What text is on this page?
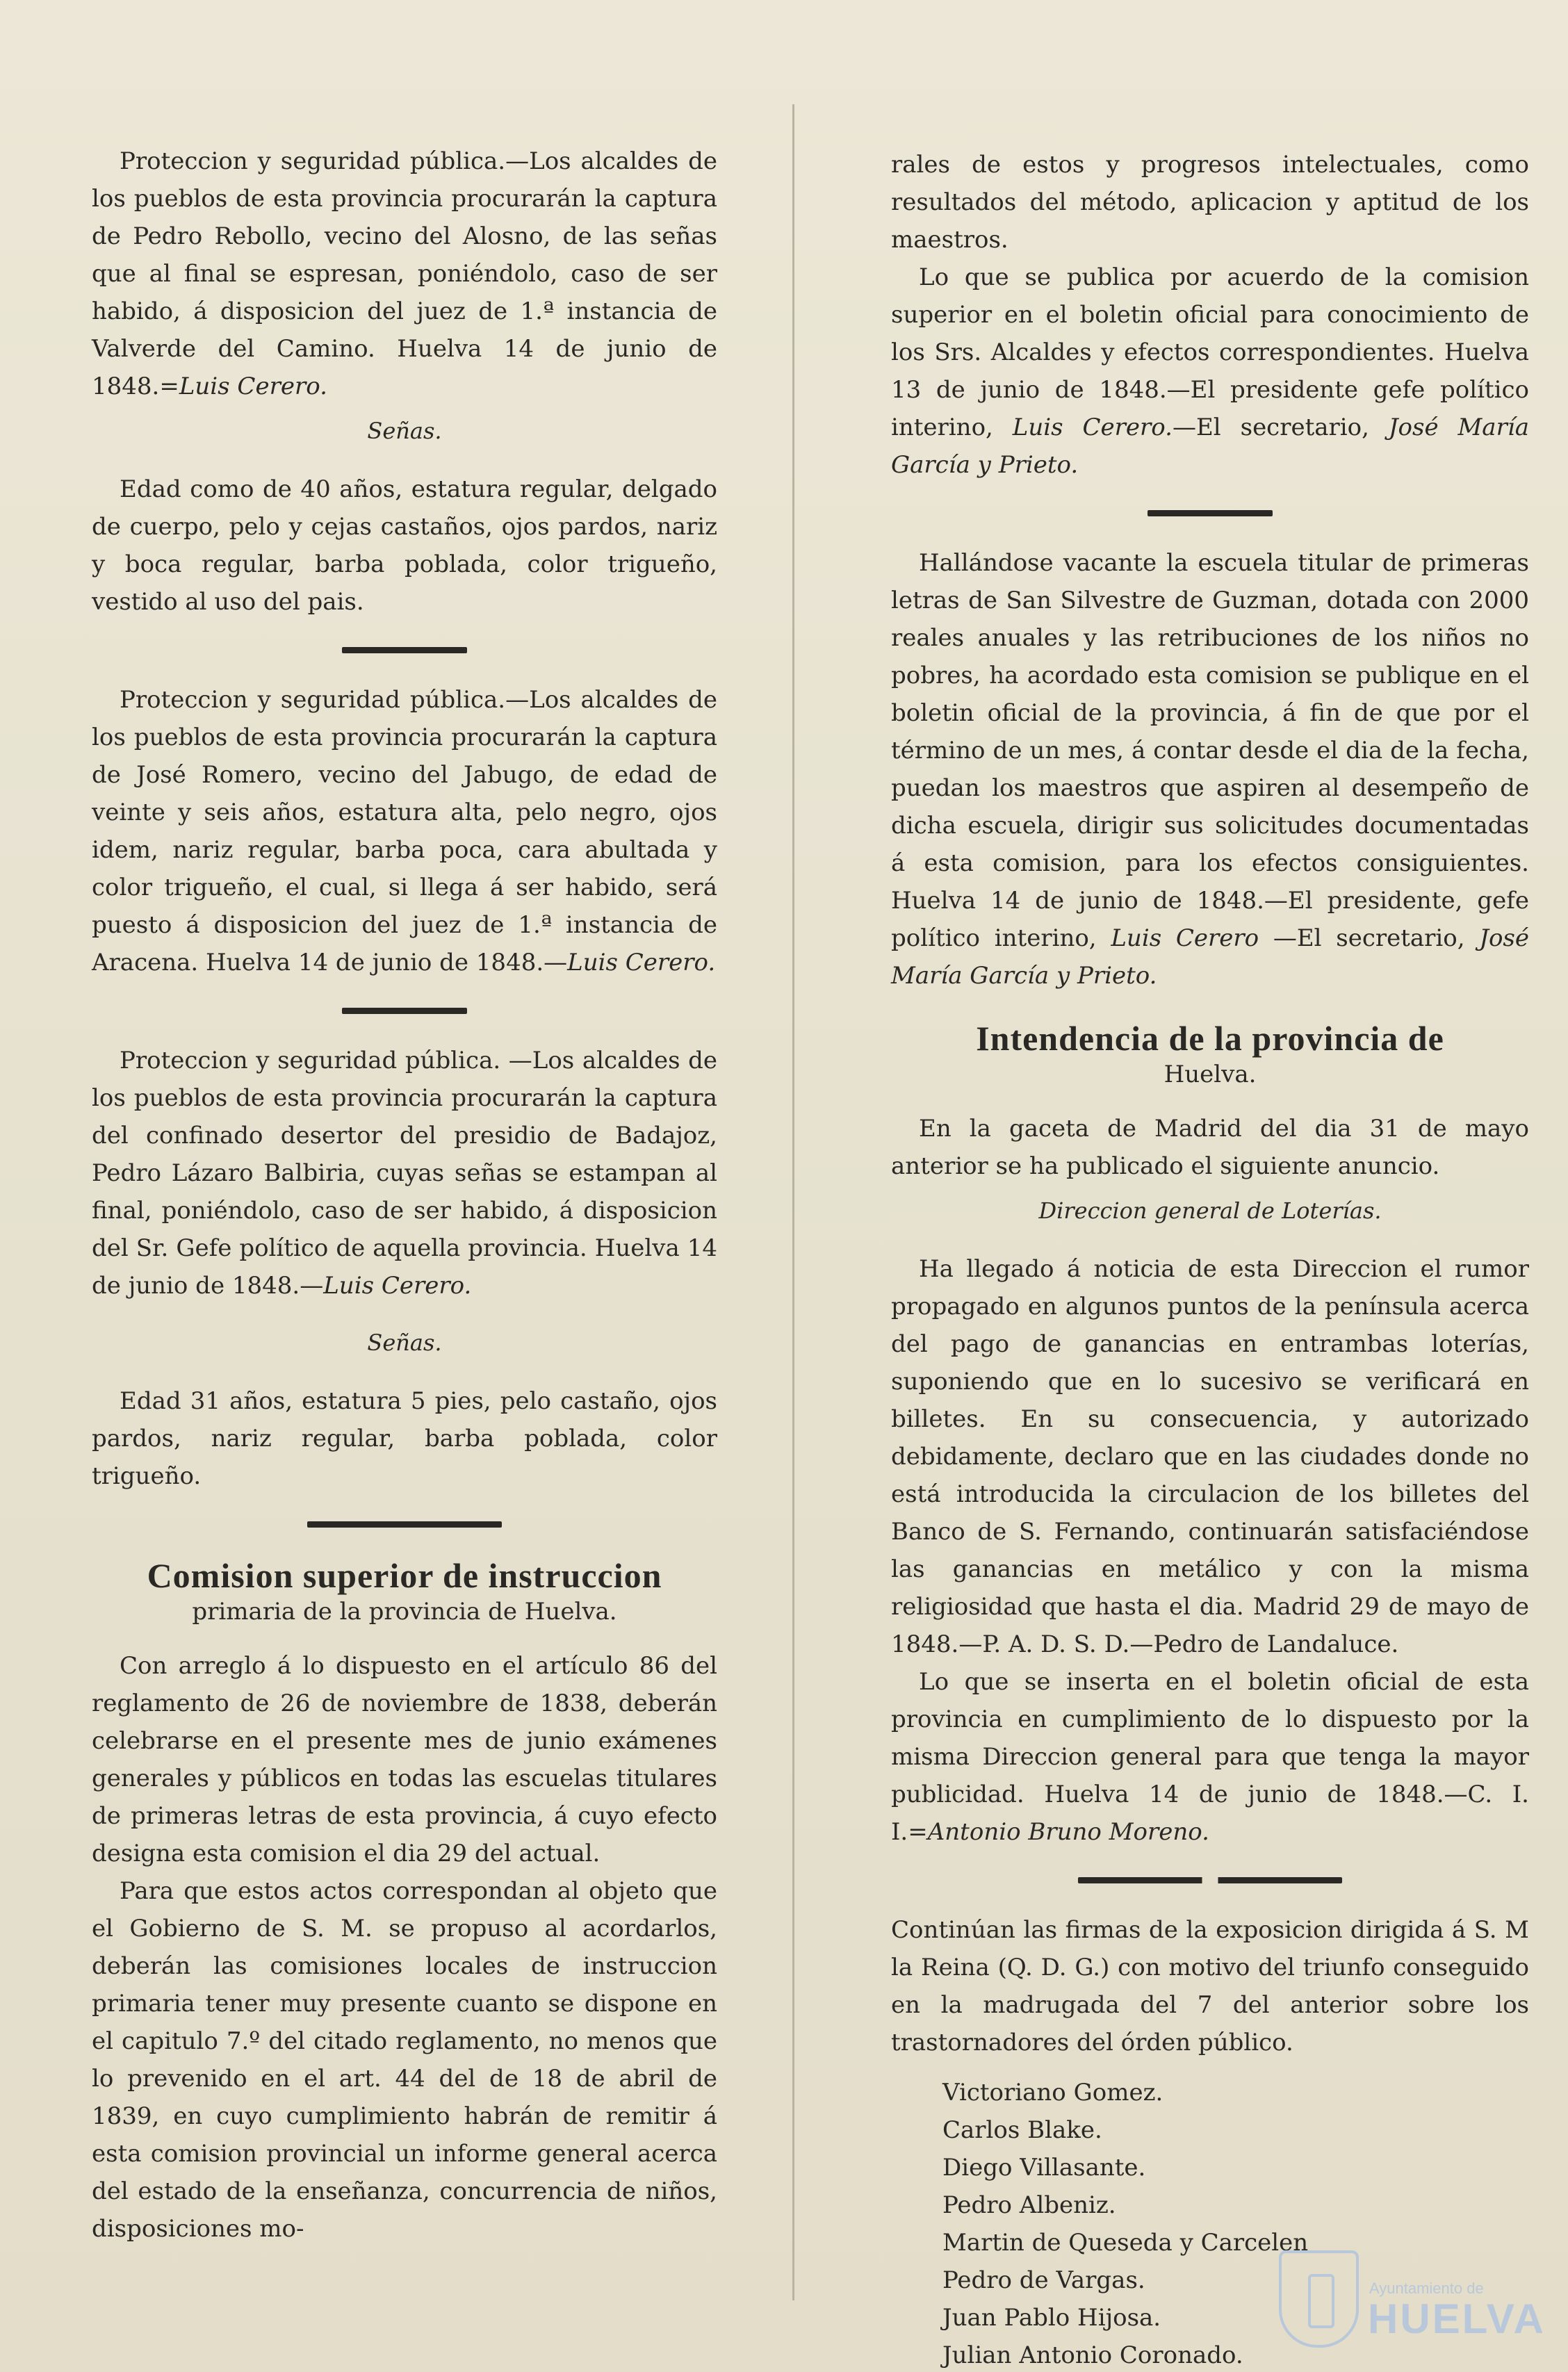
Proteccion y seguridad pública.—Los alcaldes de los pueblos de esta provincia procurarán la captura de Pedro Rebollo, vecino del Alosno, de las señas que al final se espresan, poniéndolo, caso de ser habido, á disposicion del juez de 1.ª instancia de Valverde del Camino. Huelva 14 de junio de 1848.=Luis Cerero.

Señas.

Edad como de 40 años, estatura regular, delgado de cuerpo, pelo y cejas castaños, ojos pardos, nariz y boca regular, barba poblada, color trigueño, vestido al uso del pais.

Proteccion y seguridad pública.—Los alcaldes de los pueblos de esta provincia procurarán la captura de José Romero, vecino del Jabugo, de edad de veinte y seis años, estatura alta, pelo negro, ojos idem, nariz regular, barba poca, cara abultada y color trigueño, el cual, si llega á ser habido, será puesto á disposicion del juez de 1.ª instancia de Aracena. Huelva 14 de junio de 1848.—Luis Cerero.

Proteccion y seguridad pública. —Los alcaldes de los pueblos de esta provincia procurarán la captura del confinado desertor del presidio de Badajoz, Pedro Lázaro Balbiria, cuyas señas se estampan al final, poniéndolo, caso de ser habido, á disposicion del Sr. Gefe político de aquella provincia. Huelva 14 de junio de 1848.—Luis Cerero.

Señas.

Edad 31 años, estatura 5 pies, pelo castaño, ojos pardos, nariz regular, barba poblada, color trigueño.

Comision superior de instruccion
primaria de la provincia de Huelva.

Con arreglo á lo dispuesto en el artículo 86 del reglamento de 26 de noviembre de 1838, deberán celebrarse en el presente mes de junio exámenes generales y públicos en todas las escuelas titulares de primeras letras de esta provincia, á cuyo efecto designa esta comision el dia 29 del actual.

Para que estos actos correspondan al objeto que el Gobierno de S. M. se propuso al acordarlos, deberán las comisiones locales de instruccion primaria tener muy presente cuanto se dispone en el capitulo 7.º del citado reglamento, no menos que lo prevenido en el art. 44 del de 18 de abril de 1839, en cuyo cumplimiento habrán de remitir á esta comision provincial un informe general acerca del estado de la enseñanza, concurrencia de niños, disposiciones mo-

rales de estos y progresos intelectuales, como resultados del método, aplicacion y aptitud de los maestros.

Lo que se publica por acuerdo de la comision superior en el boletin oficial para conocimiento de los Srs. Alcaldes y efectos correspondientes. Huelva 13 de junio de 1848.—El presidente gefe político interino, Luis Cerero.—El secretario, José María García y Prieto.

Hallándose vacante la escuela titular de primeras letras de San Silvestre de Guzman, dotada con 2000 reales anuales y las retribuciones de los niños no pobres, ha acordado esta comision se publique en el boletin oficial de la provincia, á fin de que por el término de un mes, á contar desde el dia de la fecha, puedan los maestros que aspiren al desempeño de dicha escuela, dirigir sus solicitudes documentadas á esta comision, para los efectos consiguientes. Huelva 14 de junio de 1848.—El presidente, gefe político interino, Luis Cerero —El secretario, José María García y Prieto.

Intendencia de la provincia de
Huelva.

En la gaceta de Madrid del dia 31 de mayo anterior se ha publicado el siguiente anuncio.

Direccion general de Loterías.

Ha llegado á noticia de esta Direccion el rumor propagado en algunos puntos de la península acerca del pago de ganancias en entrambas loterías, suponiendo que en lo sucesivo se verificará en billetes. En su consecuencia, y autorizado debidamente, declaro que en las ciudades donde no está introducida la circulacion de los billetes del Banco de S. Fernando, continuarán satisfaciéndose las ganancias en metálico y con la misma religiosidad que hasta el dia. Madrid 29 de mayo de 1848.—P. A. D. S. D.—Pedro de Landaluce.

Lo que se inserta en el boletin oficial de esta provincia en cumplimiento de lo dispuesto por la misma Direccion general para que tenga la mayor publicidad. Huelva 14 de junio de 1848.—C. I. I.=Antonio Bruno Moreno.

Continúan las firmas de la exposicion dirigida á S. M la Reina (Q. D. G.) con motivo del triunfo conseguido en la madrugada del 7 del anterior sobre los trastornadores del órden público.

Victoriano Gomez.
Carlos Blake.
Diego Villasante.
Pedro Albeniz.
Martin de Queseda y Carcelen
Pedro de Vargas.
Juan Pablo Hijosa.
Julian Antonio Coronado.
Ayuntamiento de
HUELVA
